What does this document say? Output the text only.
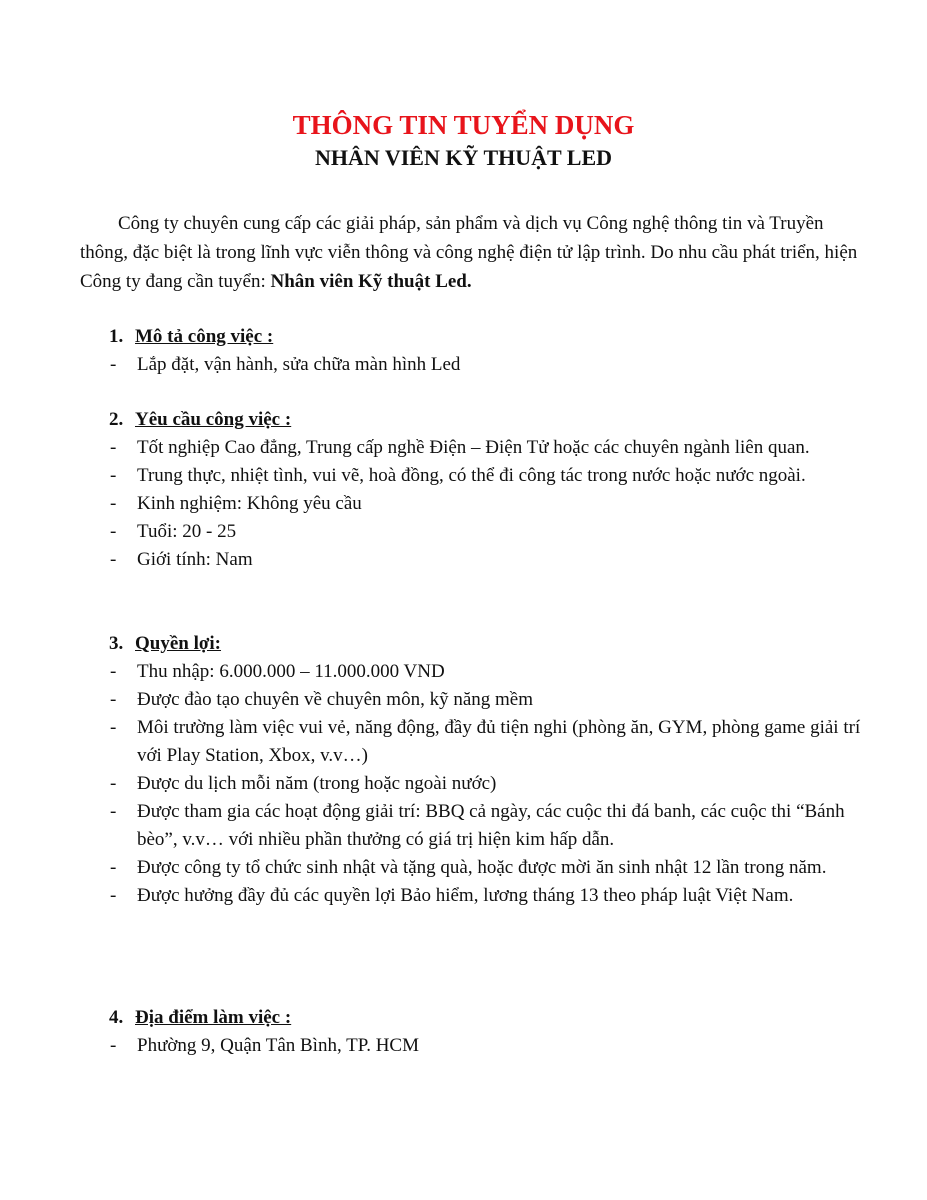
THÔNG TIN TUYỂN DỤNG
NHÂN VIÊN KỸ THUẬT LED

Công ty chuyên cung cấp các giải pháp, sản phẩm và dịch vụ Công nghệ thông tin và Truyền thông, đặc biệt là trong lĩnh vực viễn thông và công nghệ điện tử lập trình. Do nhu cầu phát triển, hiện Công ty đang cần tuyển: Nhân viên Kỹ thuật Led.

1. Mô tả công việc :
- Lắp đặt, vận hành, sửa chữa màn hình Led
2. Yêu cầu công việc :
- Tốt nghiệp Cao đẳng, Trung cấp nghề Điện – Điện Tử hoặc các chuyên ngành liên quan.
- Trung thực, nhiệt tình, vui vẽ, hoà đồng, có thể đi công tác trong nước hoặc nước ngoài.
- Kinh nghiệm: Không yêu cầu
- Tuổi: 20 - 25
- Giới tính: Nam
3. Quyền lợi:
- Thu nhập: 6.000.000 – 11.000.000 VND
- Được đào tạo chuyên về chuyên môn, kỹ năng mềm
- Môi trường làm việc vui vẻ, năng động, đầy đủ tiện nghi (phòng ăn, GYM, phòng game giải trí với Play Station, Xbox, v.v…)
- Được du lịch mỗi năm (trong hoặc ngoài nước)
- Được tham gia các hoạt động giải trí: BBQ cả ngày, các cuộc thi đá banh, các cuộc thi “Bánh bèo”, v.v… với nhiều phần thưởng có giá trị hiện kim hấp dẫn.
- Được công ty tổ chức sinh nhật và tặng quà, hoặc được mời ăn sinh nhật 12 lần trong năm.
- Được hưởng đầy đủ các quyền lợi Bảo hiểm, lương tháng 13 theo pháp luật Việt Nam.
4. Địa điểm làm việc :
- Phường 9, Quận Tân Bình, TP. HCM
